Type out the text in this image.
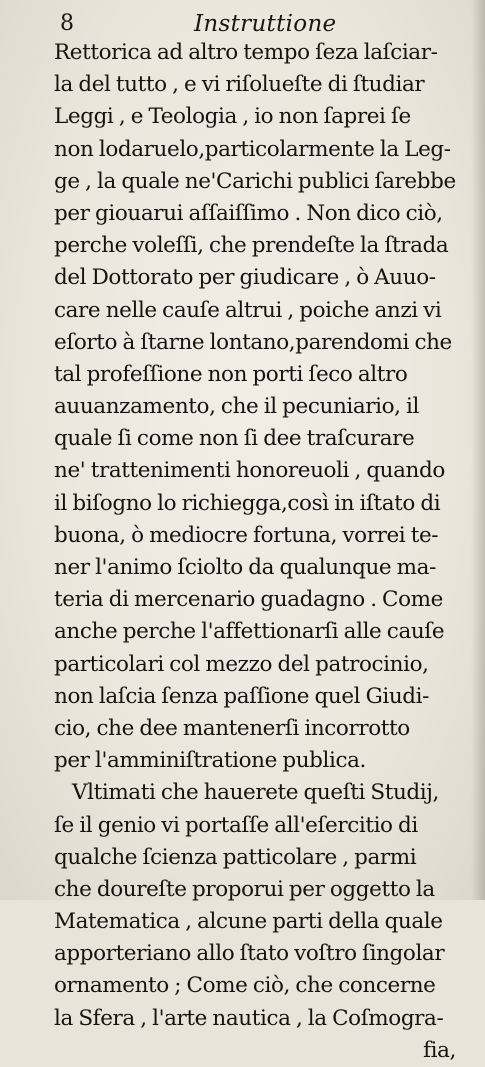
8	Instruttione
Rettorica ad altro tempo ſeza laſciar-
la del tutto , e vi riſolueſte di ſtudiar
Leggi , e Teologia , io non ſaprei ſe
non lodaruelo,particolarmente la Leg-
ge , la quale ne'Carichi publici ſarebbe
per giouarui aſſaiſſimo . Non dico ciò,
perche voleſſi, che prendeſte la ſtrada
del Dottorato per giudicare , ò Auuo-
care nelle cauſe altrui , poiche anzi vi
eſorto à ſtarne lontano,parendomi che
tal profeſſione non porti ſeco altro
auuanzamento, che il pecuniario, il
quale ſi come non ſi dee traſcurare
ne' trattenimenti honoreuoli , quando
il biſogno lo richiegga,così in iſtato di
buona, ò mediocre fortuna, vorrei te-
ner l'animo ſciolto da qualunque ma-
teria di mercenario guadagno . Come
anche perche l'affettionarſi alle cauſe
particolari col mezzo del patrocinio,
non laſcia ſenza paſſione quel Giudi-
cio, che dee mantenerſi incorrotto
per l'amminiſtratione publica.
Vltimati che hauerete queſti Studij,
ſe il genio vi portaſſe all'eſercitio di
qualche ſcienza patticolare , parmi
che doureſte proporui per oggetto la
Matematica , alcune parti della quale
apporteriano allo ſtato voſtro ſingolar
ornamento ; Come ciò, che concerne
la Sfera , l'arte nautica , la Coſmogra-
fia,
